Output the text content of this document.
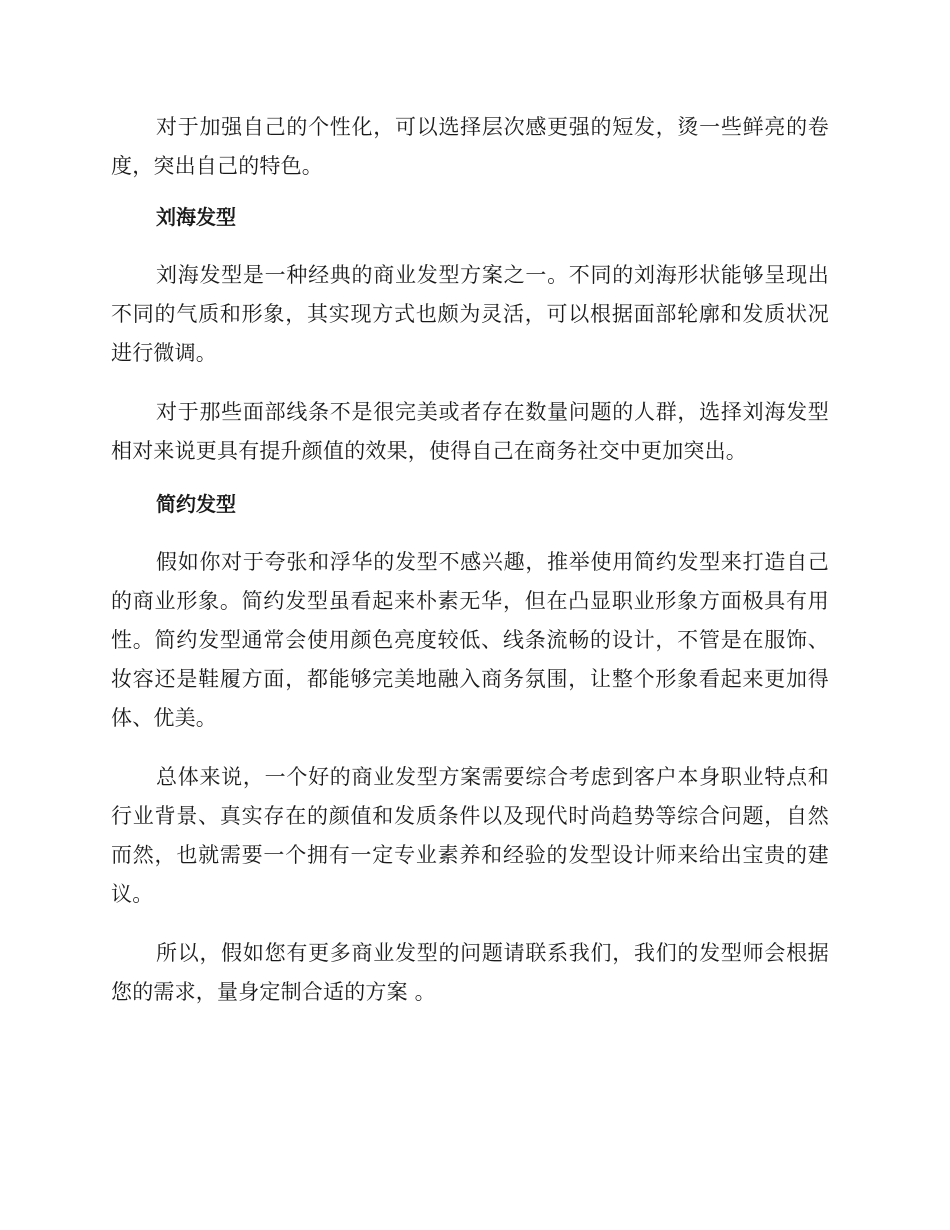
对于加强自己的个性化，可以选择层次感更强的短发，烫一些鲜亮的卷度，突出自己的特色。

刘海发型

刘海发型是一种经典的商业发型方案之一。不同的刘海形状能够呈现出不同的气质和形象，其实现方式也颇为灵活，可以根据面部轮廓和发质状况进行微调。

对于那些面部线条不是很完美或者存在数量问题的人群，选择刘海发型相对来说更具有提升颜值的效果，使得自己在商务社交中更加突出。

简约发型

假如你对于夸张和浮华的发型不感兴趣，推举使用简约发型来打造自己的商业形象。简约发型虽看起来朴素无华，但在凸显职业形象方面极具有用性。简约发型通常会使用颜色亮度较低、线条流畅的设计，不管是在服饰、妆容还是鞋履方面，都能够完美地融入商务氛围，让整个形象看起来更加得体、优美。

总体来说，一个好的商业发型方案需要综合考虑到客户本身职业特点和行业背景、真实存在的颜值和发质条件以及现代时尚趋势等综合问题，自然而然，也就需要一个拥有一定专业素养和经验的发型设计师来给出宝贵的建议。

所以，假如您有更多商业发型的问题请联系我们，我们的发型师会根据您的需求，量身定制合适的方案 。
